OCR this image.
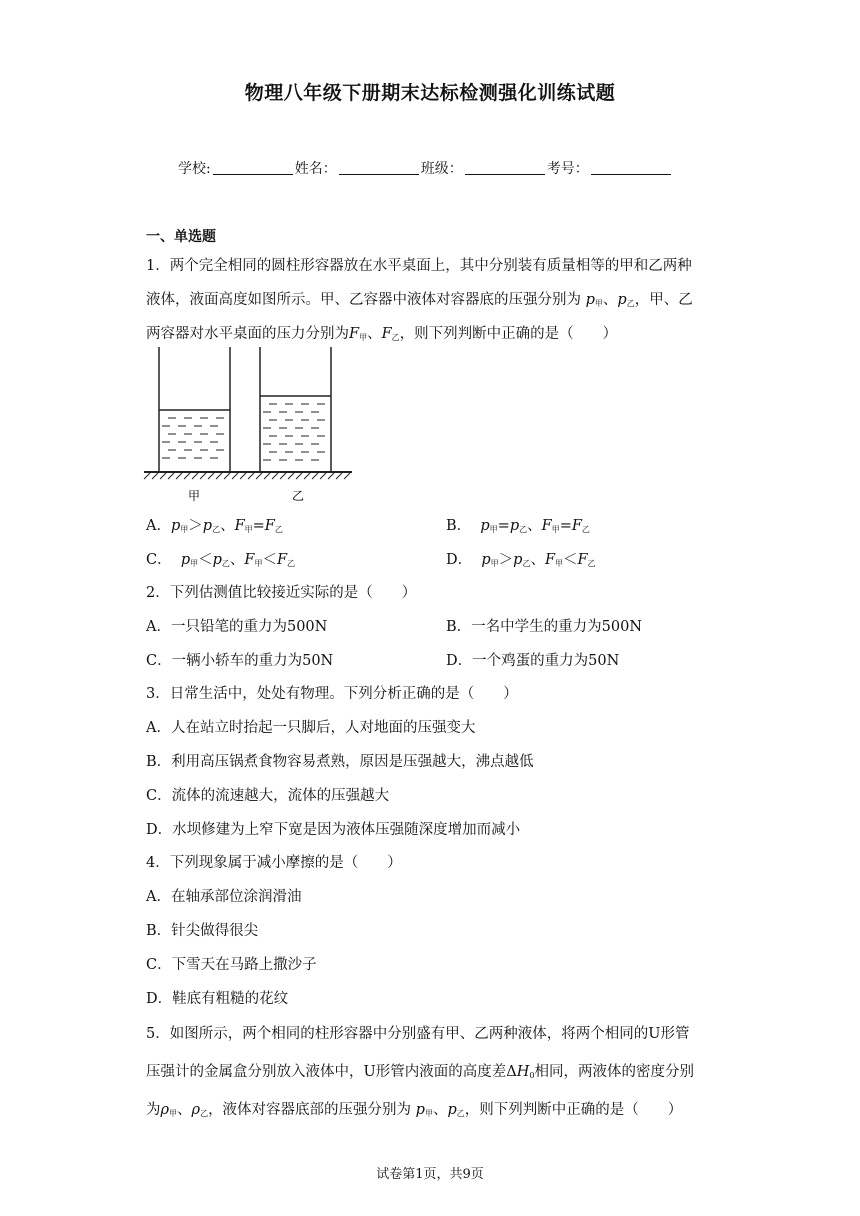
物理八年级下册期末达标检测强化训练试题
学校:	姓名：	班级：	考号：
一、单选题
1．两个完全相同的圆柱形容器放在水平桌面上，其中分别装有质量相等的甲和乙两种
液体，液面高度如图所示。甲、乙容器中液体对容器底的压强分别为 $p_甲$、$p_乙$，甲、乙
两容器对水平桌面的压力分别为$F_甲$、$F_乙$，则下列判断中正确的是（　　）
甲	乙
A．$p_甲>p_乙$、$F_甲=F_乙$	B． $p_甲=p_乙$、$F_甲=F_乙$
C． $p_甲<p_乙$、$F_甲<F_乙$	D． $p_甲>p_乙$、$F_甲<F_乙$
2．下列估测值比较接近实际的是（　　）
A．一只铅笔的重力为500N	B．一名中学生的重力为500N
C．一辆小轿车的重力为50N	D．一个鸡蛋的重力为50N
3．日常生活中，处处有物理。下列分析正确的是（　　）
A．人在站立时抬起一只脚后，人对地面的压强变大
B．利用高压锅煮食物容易煮熟，原因是压强越大，沸点越低
C．流体的流速越大，流体的压强越大
D．水坝修建为上窄下宽是因为液体压强随深度增加而减小
4．下列现象属于减小摩擦的是（　　）
A．在轴承部位涂润滑油
B．针尖做得很尖
C．下雪天在马路上撒沙子
D．鞋底有粗糙的花纹
5．如图所示，两个相同的柱形容器中分别盛有甲、乙两种液体，将两个相同的U形管
压强计的金属盒分别放入液体中，U形管内液面的高度差$\Delta H_0$相同，两液体的密度分别
为$\rho_甲$、$\rho_乙$，液体对容器底部的压强分别为 $p_甲$、$p_乙$，则下列判断中正确的是（　　）
试卷第1页，共9页
